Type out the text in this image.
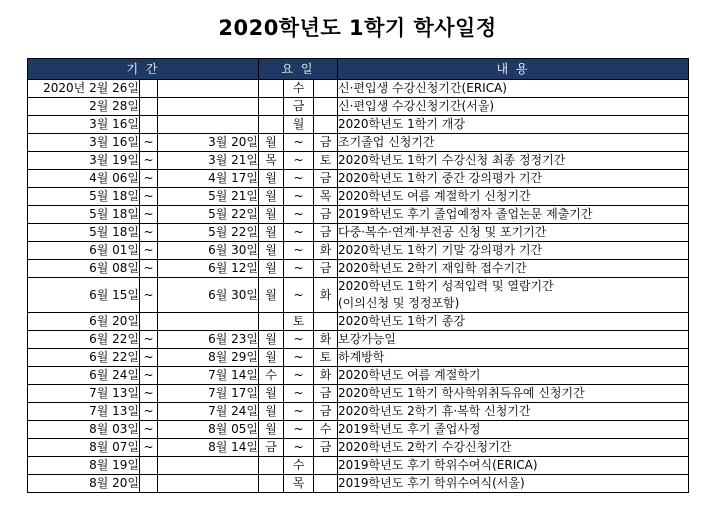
2020학년도 1학기 학사일정
기 간			요 일			내 용
2020년 2월 26일				수		신·편입생 수강신청기간(ERICA)
2월 28일				금		신·편입생 수강신청기간(서울)
3월 16일				월		2020학년도 1학기 개강
3월 16일	~	3월 20일	월	~	금	조기졸업 신청기간
3월 19일	~	3월 21일	목	~	토	2020학년도 1학기 수강신청 최종 정정기간
4월 06일	~	4월 17일	월	~	금	2020학년도 1학기 중간 강의평가 기간
5월 18일	~	5월 21일	월	~	목	2020학년도 여름 계절학기 신청기간
5월 18일	~	5월 22일	월	~	금	2019학년도 후기 졸업예정자 졸업논문 제출기간
5월 18일	~	5월 22일	월	~	금	다중·복수·연계·부전공 신청 및 포기기간
6월 01일	~	6월 30일	월	~	화	2020학년도 1학기 기말 강의평가 기간
6월 08일	~	6월 12일	월	~	금	2020학년도 2학기 재입학 접수기간
6월 15일	~	6월 30일	월	~	화	2020학년도 1학기 성적입력 및 열람기간
(이의신청 및 정정포함)

6월 20일				토		2020학년도 1학기 종강
6월 22일	~	6월 23일	월	~	화	보강가능일
6월 22일	~	8월 29일	월	~	토	하계방학
6월 24일	~	7월 14일	수	~	화	2020학년도 여름 계절학기
7월 13일	~	7월 17일	월	~	금	2020학년도 1학기 학사학위취득유예 신청기간
7월 13일	~	7월 24일	월	~	금	2020학년도 2학기 휴·복학 신청기간
8월 03일	~	8월 05일	월	~	수	2019학년도 후기 졸업사정
8월 07일	~	8월 14일	금	~	금	2020학년도 2학기 수강신청기간
8월 19일				수		2019학년도 후기 학위수여식(ERICA)
8월 20일				목		2019학년도 후기 학위수여식(서울)
